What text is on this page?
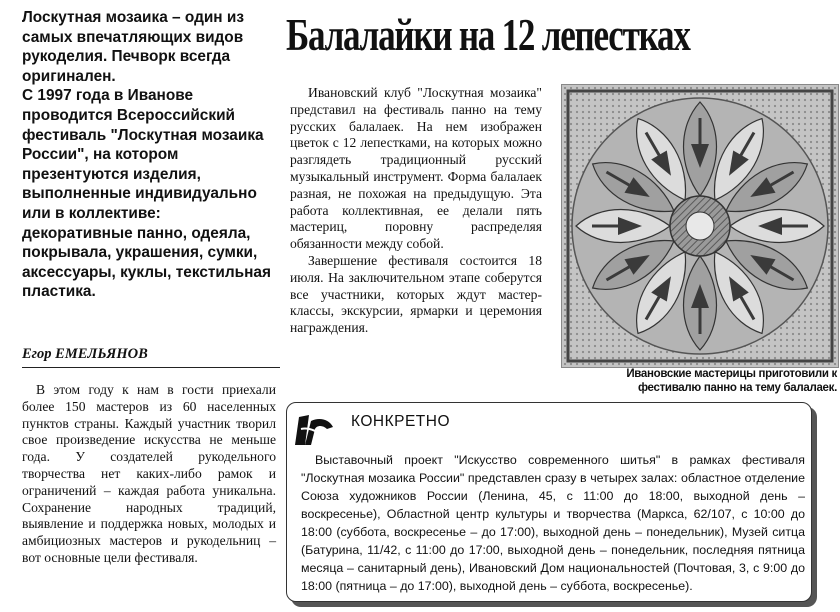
Лоскутная мозаика – один из самых впечатляющих видов рукоделия. Печворк всегда оригинален.

С 1997 года в Иванове проводится Всероссийский фестиваль "Лоскутная мозаика России", на котором презентуются изделия, выполненные индивидуально или в коллективе: декоративные панно, одеяла, покрывала, украшения, сумки, аксессуары, куклы, текстильная пластика.

Егор ЕМЕЛЬЯНОВ
В этом году к нам в гости приехали более 150 мастеров из 60 населенных пунктов страны. Каждый участник творил свое произведение искусства не меньше года. У создателей рукодельного творчества нет каких-либо рамок и ограничений – каждая работа уникальна. Сохранение народных традиций, выявление и поддержка новых, молодых и амбициозных мастеров и рукодельниц – вот основные цели фестиваля.
Балалайки на 12 лепестках

Ивановский клуб "Лоскутная мозаика" представил на фестиваль панно на тему русских балалаек. На нем изображен цветок с 12 лепестками, на которых можно разглядеть традиционный русский музыкальный инструмент. Форма балалаек разная, не похожая на предыдущую. Эта работа коллективная, ее делали пять мастериц, поровну распределяя обязанности между собой.

Завершение фестиваля состоится 18 июля. На заключительном этапе соберутся все участники, которых ждут мастер-классы, экскурсии, ярмарки и церемония награждения.

Ивановские мастерицы приготовили к фестивалю панно на тему балалаек.
КОНКРЕТНО
Выставочный проект "Искусство современного шитья" в рамках фестиваля "Лоскутная мозаика России" представлен сразу в четырех залах: областное отделение Союза художников России (Ленина, 45, с 11:00 до 18:00, выходной день – воскресенье), Областной центр культуры и творчества (Маркса, 62/107, с 10:00 до 18:00 (суббота, воскресенье – до 17:00), выходной день – понедельник), Музей ситца (Батурина, 11/42, с 11:00 до 17:00, выходной день – понедельник, последняя пятница месяца – санитарный день), Ивановский Дом национальностей (Почтовая, 3, с 9:00 до 18:00 (пятница – до 17:00), выходной день – суббота, воскресенье).
